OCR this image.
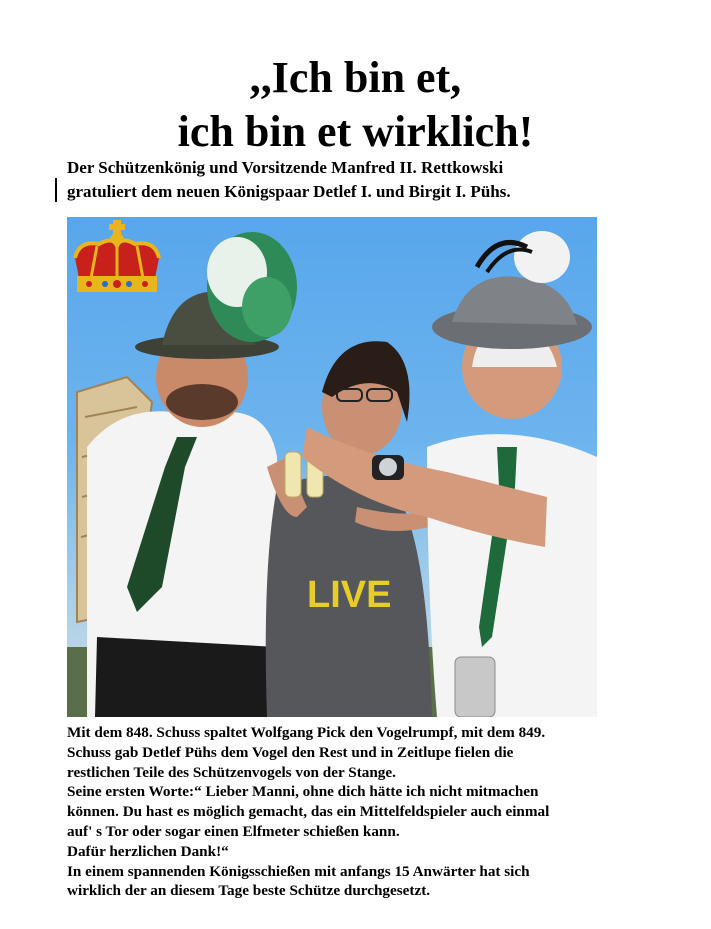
,,Ich bin et,
ich bin et wirklich!
Der Schützenkönig und Vorsitzende Manfred II. Rettkowski
gratuliert dem neuen Königspaar Detlef I. und Birgit I. Pühs.
LIVE
Mit dem 848. Schuss spaltet Wolfgang Pick den Vogelrumpf, mit dem 849.
Schuss gab Detlef Pühs dem Vogel den Rest und in Zeitlupe fielen die
restlichen Teile des Schützenvogels von der Stange.
Seine ersten Worte:“ Lieber Manni, ohne dich hätte ich nicht mitmachen
können. Du hast es möglich gemacht, das ein Mittelfeldspieler auch einmal
auf' s Tor oder sogar einen Elfmeter schießen kann.
Dafür herzlichen Dank!“
In einem spannenden Königsschießen mit anfangs 15 Anwärter hat sich
wirklich der an diesem Tage beste Schütze durchgesetzt.
